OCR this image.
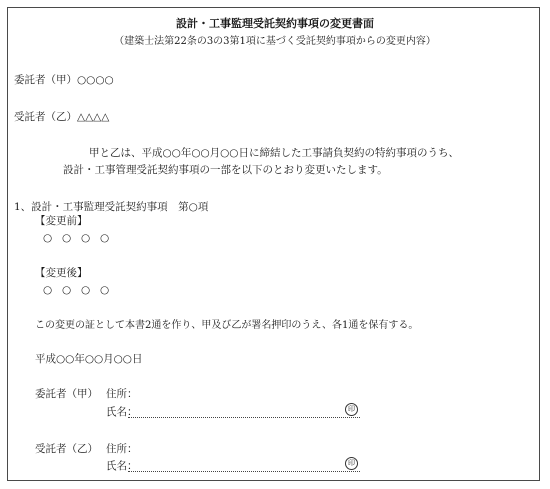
設計・工事監理受託契約事項の変更書面
（建築士法第22条の3の3第1項に基づく受託契約事項からの変更内容）
委託者（甲）○○○○
受託者（乙）△△△△
甲と乙は、平成○○年○○月○○日に締結した工事請負契約の特約事項のうち、
設計・工事管理受託契約事項の一部を以下のとおり変更いたします。
1、設計・工事監理受託契約事項　第○項
【変更前】
○ ○ ○ ○
【変更後】
○ ○ ○ ○
この変更の証として本書2通を作り、甲及び乙が署名押印のうえ、各1通を保有する。
平成○○年○○月○○日
委託者（甲） 住所：
氏名：	印
受託者（乙） 住所：
氏名：	印
